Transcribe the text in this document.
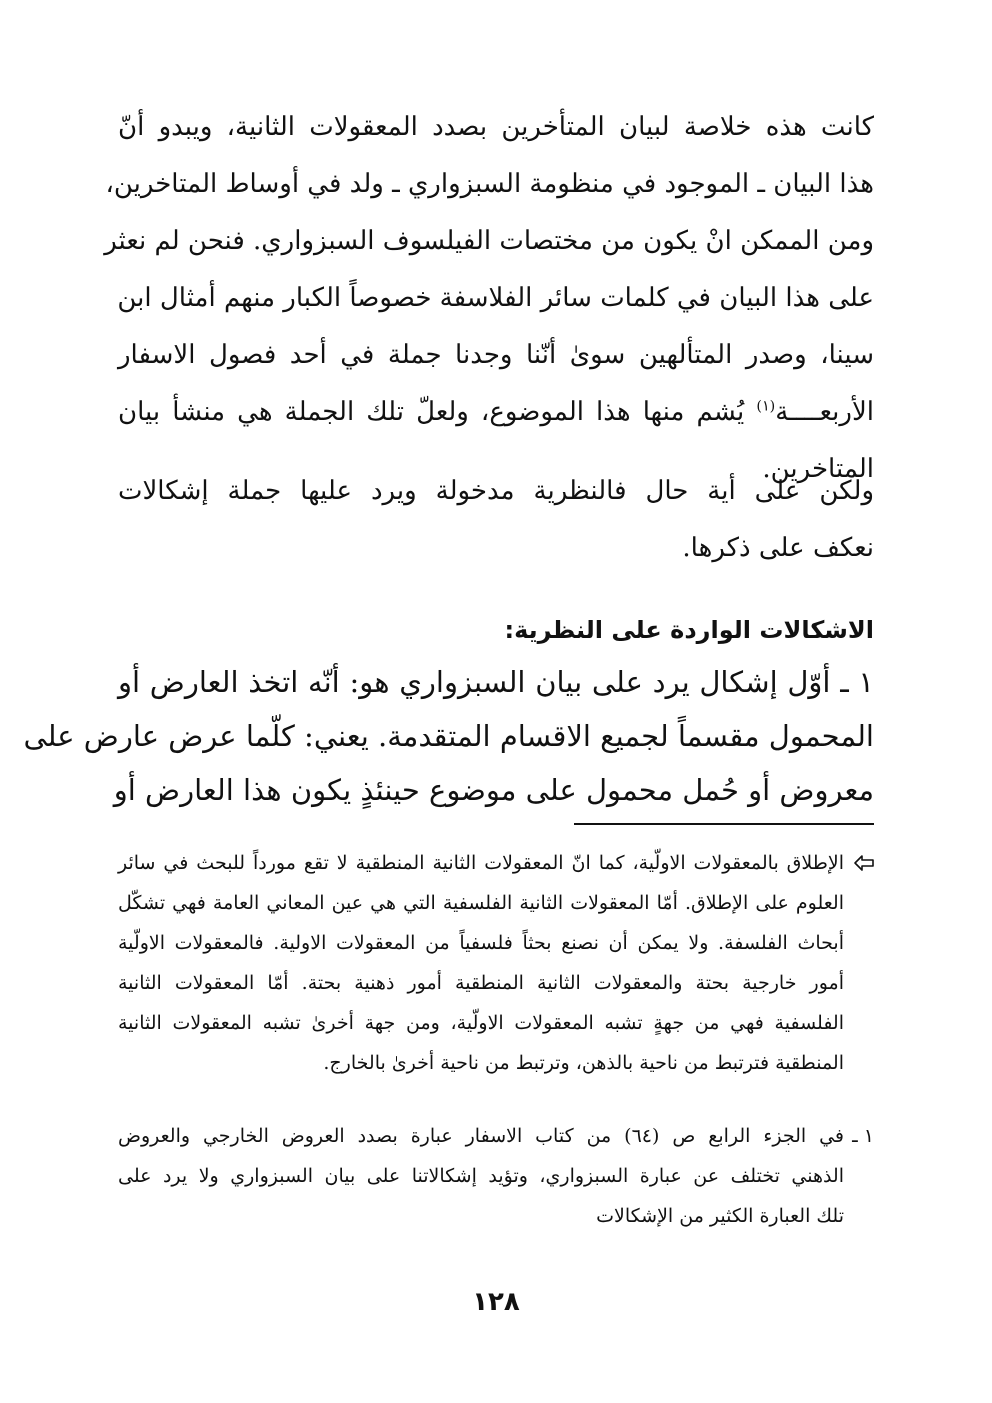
كانت هذه خلاصة لبيان المتأخرين بصدد المعقولات الثانية، ويبدو أنّ
هذا البيان ـ الموجود في منظومة السبزواري ـ ولد في أوساط المتاخرين،
ومن الممكن انْ يكون من مختصات الفيلسوف السبزواري. فنحن لم نعثر
على هذا البيان في كلمات سائر الفلاسفة خصوصاً الكبار منهم أمثال ابن
سينا، وصدر المتألهين سوىٰ أنّنا وجدنا جملة في أحد فصول الاسفار
الأربعــــة$^{(١)}$ يُشم منها هذا الموضوع، ولعلّ تلك الجملة هي منشأ بيان
المتاخرين.
ولكن على أية حال فالنظرية مدخولة ويرد عليها جملة إشكالات
نعكف على ذكرها.
الاشكالات الواردة على النظرية:
١ ـ أوّل إشكال يرد على بيان السبزواري هو: أنّه اتخذ العارض أو
المحمول مقسماً لجميع الاقسام المتقدمة. يعني: كلّما عرض عارض على
معروض أو حُمل محمول على موضوع حينئذٍ يكون هذا العارض أو
الإطلاق بالمعقولات الاولّية، كما انّ المعقولات الثانية المنطقية لا تقع مورداً للبحث في سائر
العلوم على الإطلاق. أمّا المعقولات الثانية الفلسفية التي هي عين المعاني العامة فهي تشكّل
أبحاث الفلسفة. ولا يمكن أن نصنع بحثاً فلسفياً من المعقولات الاولية. فالمعقولات الاولّية
أمور خارجية بحتة والمعقولات الثانية المنطقية أمور ذهنية بحتة. أمّا المعقولات الثانية
الفلسفية فهي من جهةٍ تشبه المعقولات الاولّية، ومن جهة أخرىٰ تشبه المعقولات الثانية
المنطقية فترتبط من ناحية بالذهن، وترتبط من ناحية أخرىٰ بالخارج.
١ ـ
في الجزء الرابع ص (٦٤) من كتاب الاسفار عبارة بصدد العروض الخارجي والعروض
الذهني تختلف عن عبارة السبزواري، وتؤيد إشكالاتنا على بيان السبزواري ولا يرد على
تلك العبارة الكثير من الإشكالات
١٢٨
